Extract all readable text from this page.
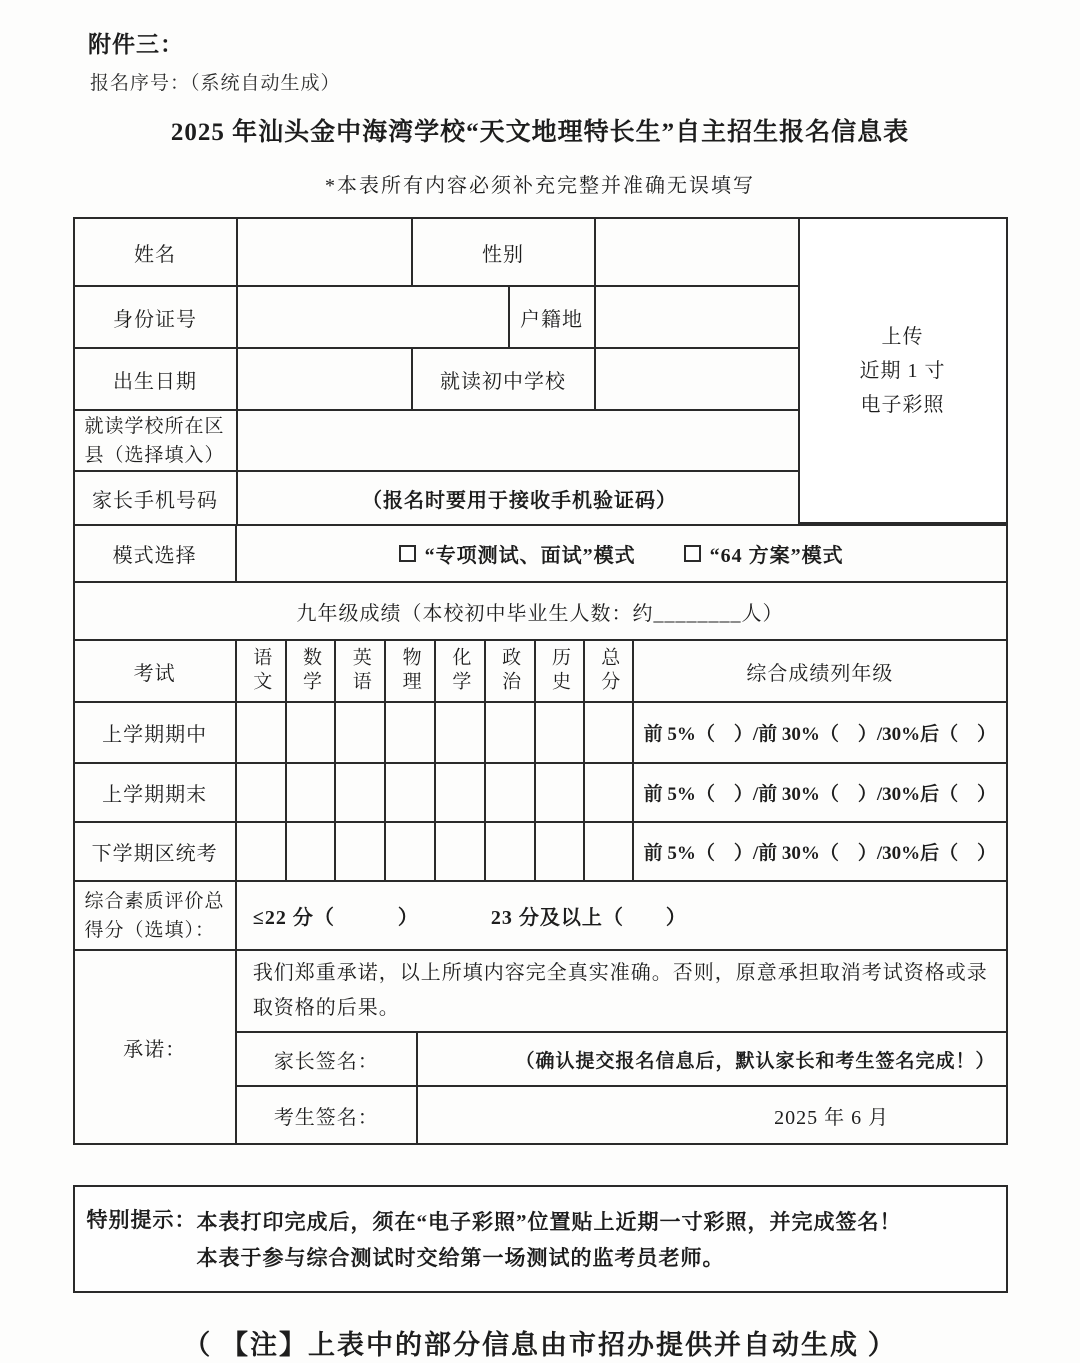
附件三：
报名序号：（系统自动生成）
2025 年汕头金中海湾学校“天文地理特长生”自主招生报名信息表
*本表所有内容必须补充完整并准确无误填写
姓名	性别
身份证号	户籍地
出生日期	就读初中学校
就读学校所在区县（选择填入）
家长手机号码	（报名时要用于接收手机验证码）
上传
近期 1 寸
电子彩照
模式选择	“专项测试、面试”模式	“64 方案”模式
九年级成绩（本校初中毕业生人数：约________人）
考试	语文 数学 英语 物理 化学 政治 历史 总分	综合成绩列年级
上学期期中	前 5%（　）/前 30%（　）/30%后（　）
上学期期末	前 5%（　）/前 30%（　）/30%后（　）
下学期区统考	前 5%（　）/前 30%（　）/30%后（　）
综合素质评价总得分（选填）：
≤22 分（　　　）	23 分及以上（　　）
承诺：
我们郑重承诺，以上所填内容完全真实准确。否则，原意承担取消考试资格或录取资格的后果。
家长签名：	（确认提交报名信息后，默认家长和考生签名完成！）
考生签名：	2025 年 6 月
特别提示： 本表打印完成后，须在“电子彩照”位置贴上近期一寸彩照，并完成签名！
本表于参与综合测试时交给第一场测试的监考员老师。
（ 【注】上表中的部分信息由市招办提供并自动生成 ）
